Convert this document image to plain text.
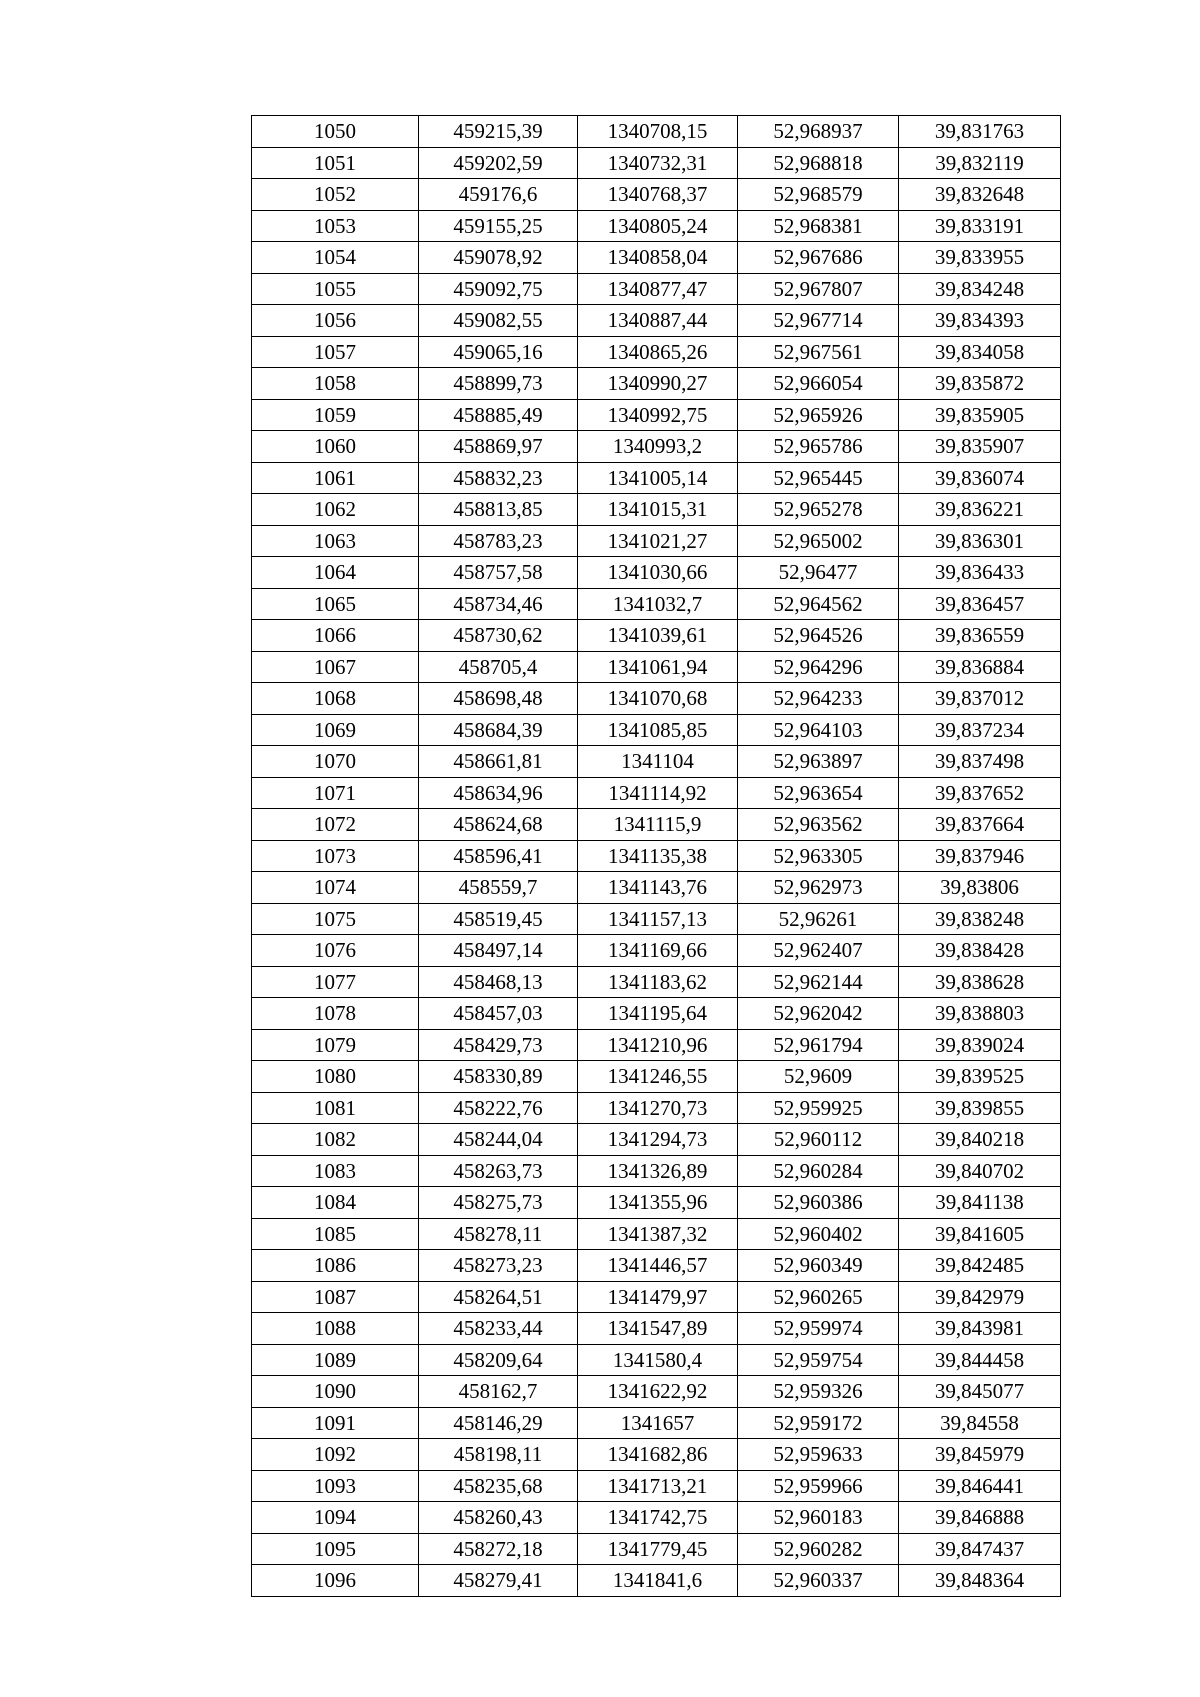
1050	459215,39	1340708,15	52,968937	39,831763
1051	459202,59	1340732,31	52,968818	39,832119
1052	459176,6	1340768,37	52,968579	39,832648
1053	459155,25	1340805,24	52,968381	39,833191
1054	459078,92	1340858,04	52,967686	39,833955
1055	459092,75	1340877,47	52,967807	39,834248
1056	459082,55	1340887,44	52,967714	39,834393
1057	459065,16	1340865,26	52,967561	39,834058
1058	458899,73	1340990,27	52,966054	39,835872
1059	458885,49	1340992,75	52,965926	39,835905
1060	458869,97	1340993,2	52,965786	39,835907
1061	458832,23	1341005,14	52,965445	39,836074
1062	458813,85	1341015,31	52,965278	39,836221
1063	458783,23	1341021,27	52,965002	39,836301
1064	458757,58	1341030,66	52,96477	39,836433
1065	458734,46	1341032,7	52,964562	39,836457
1066	458730,62	1341039,61	52,964526	39,836559
1067	458705,4	1341061,94	52,964296	39,836884
1068	458698,48	1341070,68	52,964233	39,837012
1069	458684,39	1341085,85	52,964103	39,837234
1070	458661,81	1341104	52,963897	39,837498
1071	458634,96	1341114,92	52,963654	39,837652
1072	458624,68	1341115,9	52,963562	39,837664
1073	458596,41	1341135,38	52,963305	39,837946
1074	458559,7	1341143,76	52,962973	39,83806
1075	458519,45	1341157,13	52,96261	39,838248
1076	458497,14	1341169,66	52,962407	39,838428
1077	458468,13	1341183,62	52,962144	39,838628
1078	458457,03	1341195,64	52,962042	39,838803
1079	458429,73	1341210,96	52,961794	39,839024
1080	458330,89	1341246,55	52,9609	39,839525
1081	458222,76	1341270,73	52,959925	39,839855
1082	458244,04	1341294,73	52,960112	39,840218
1083	458263,73	1341326,89	52,960284	39,840702
1084	458275,73	1341355,96	52,960386	39,841138
1085	458278,11	1341387,32	52,960402	39,841605
1086	458273,23	1341446,57	52,960349	39,842485
1087	458264,51	1341479,97	52,960265	39,842979
1088	458233,44	1341547,89	52,959974	39,843981
1089	458209,64	1341580,4	52,959754	39,844458
1090	458162,7	1341622,92	52,959326	39,845077
1091	458146,29	1341657	52,959172	39,84558
1092	458198,11	1341682,86	52,959633	39,845979
1093	458235,68	1341713,21	52,959966	39,846441
1094	458260,43	1341742,75	52,960183	39,846888
1095	458272,18	1341779,45	52,960282	39,847437
1096	458279,41	1341841,6	52,960337	39,848364
